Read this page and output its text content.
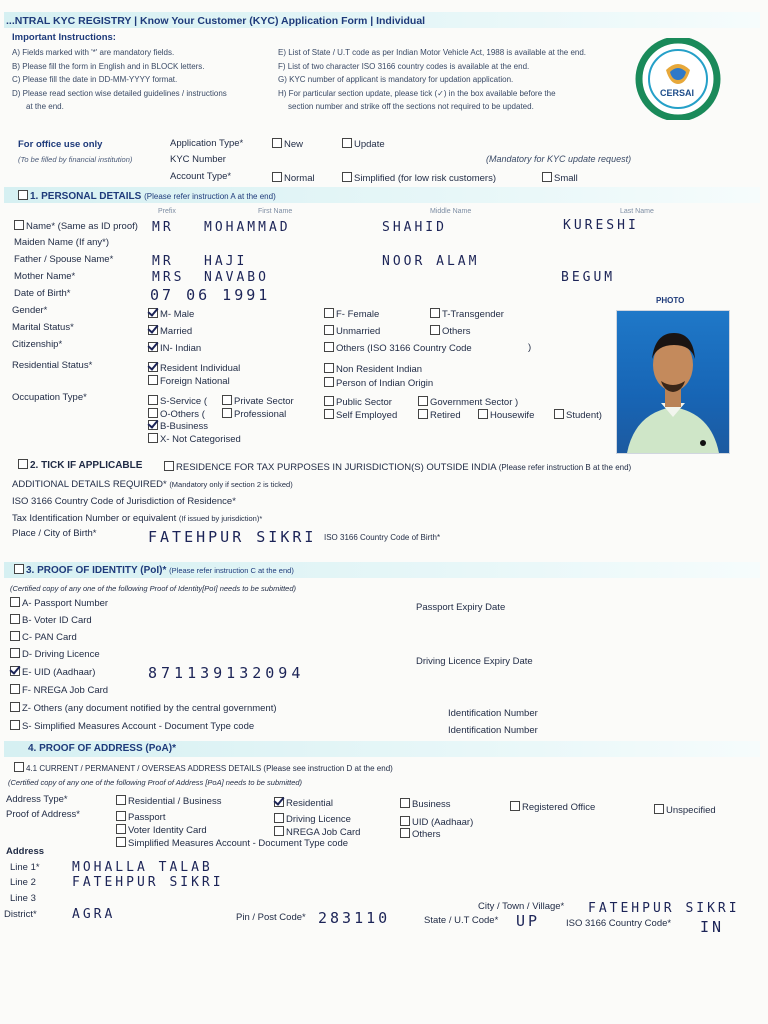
...NTRAL KYC REGISTRY | Know Your Customer (KYC) Application Form | Individual
Important Instructions:
A) Fields marked with '*' are mandatory fields.
B) Please fill the form in English and in BLOCK letters.
C) Please fill the date in DD-MM-YYYY format.
D) Please read section wise detailed guidelines / instructions
at the end.
E) List of State / U.T code as per Indian Motor Vehicle Act, 1988 is available at the end.
F) List of two character ISO 3166 country codes is available at the end.
G) KYC number of applicant is mandatory for updation application.
H) For particular section update, please tick (✓) in the box available before the
section number and strike off the sections not required to be updated.
CERSAI
For office use only
(To be filled by financial institution)
Application Type*	New	Update
KYC Number	(Mandatory for KYC update request)
Account Type*	Normal	Simplified (for low risk customers)	Small
1. PERSONAL DETAILS (Please refer instruction A at the end)
Prefix	First Name	Middle Name	Last Name
Name* (Same as ID proof) MR MOHAMMAD	SHAHID	KURESHI
Maiden Name (If any*)
Father / Spouse Name*	MR HAJI	NOOR ALAM
Mother Name*	MRS NAVABO	BEGUM
Date of Birth*	07 06 1991	PHOTO
Gender*	M- Male	F- Female	T-Transgender
Marital Status*	Married	Unmarried	Others
Citizenship*	IN- Indian	Others (ISO 3166 Country Code	)
Residential Status*	Resident Individual	Non Resident Indian
Foreign National	Person of Indian Origin
Occupation Type*	S-Service (	Private Sector	Public Sector	Government Sector )
O-Others (	Professional	Self Employed	Retired	Housewife	Student)
B-Business
X- Not Categorised
2. TICK IF APPLICABLE	RESIDENCE FOR TAX PURPOSES IN JURISDICTION(S) OUTSIDE INDIA (Please refer instruction B at the end)
ADDITIONAL DETAILS REQUIRED* (Mandatory only if section 2 is ticked)
ISO 3166 Country Code of Jurisdiction of Residence*
Tax Identification Number or equivalent (If issued by jurisdiction)*
Place / City of Birth*	FATEHPUR SIKRI ISO 3166 Country Code of Birth*
3. PROOF OF IDENTITY (PoI)* (Please refer instruction C at the end)
(Certified copy of any one of the following Proof of Identity[PoI] needs to be submitted)
A- Passport Number
B- Voter ID Card
C- PAN Card
D- Driving Licence
E- UID (Aadhaar)	871139132094
F- NREGA Job Card
Z- Others (any document notified by the central government)
S- Simplified Measures Account - Document Type code
Passport Expiry Date
Driving Licence Expiry Date
Identification Number
Identification Number
4. PROOF OF ADDRESS (PoA)*
4.1 CURRENT / PERMANENT / OVERSEAS ADDRESS DETAILS (Please see instruction D at the end)
(Certified copy of any one of the following Proof of Address [PoA] needs to be submitted)
Address Type*	Residential / Business	Residential	Business	Registered Office	Unspecified
Proof of Address*	Passport	Driving Licence	UID (Aadhaar)
Voter Identity Card	NREGA Job Card	Others
Simplified Measures Account - Document Type code
Address
Line 1* MOHALLA TALAB
Line 2	FATEHPUR SIKRI
Line 3
District*	AGRA
City / Town / Village* FATEHPUR SIKRI
Pin / Post Code* 283110	State / U.T Code* UP	ISO 3166 Country Code* IN
